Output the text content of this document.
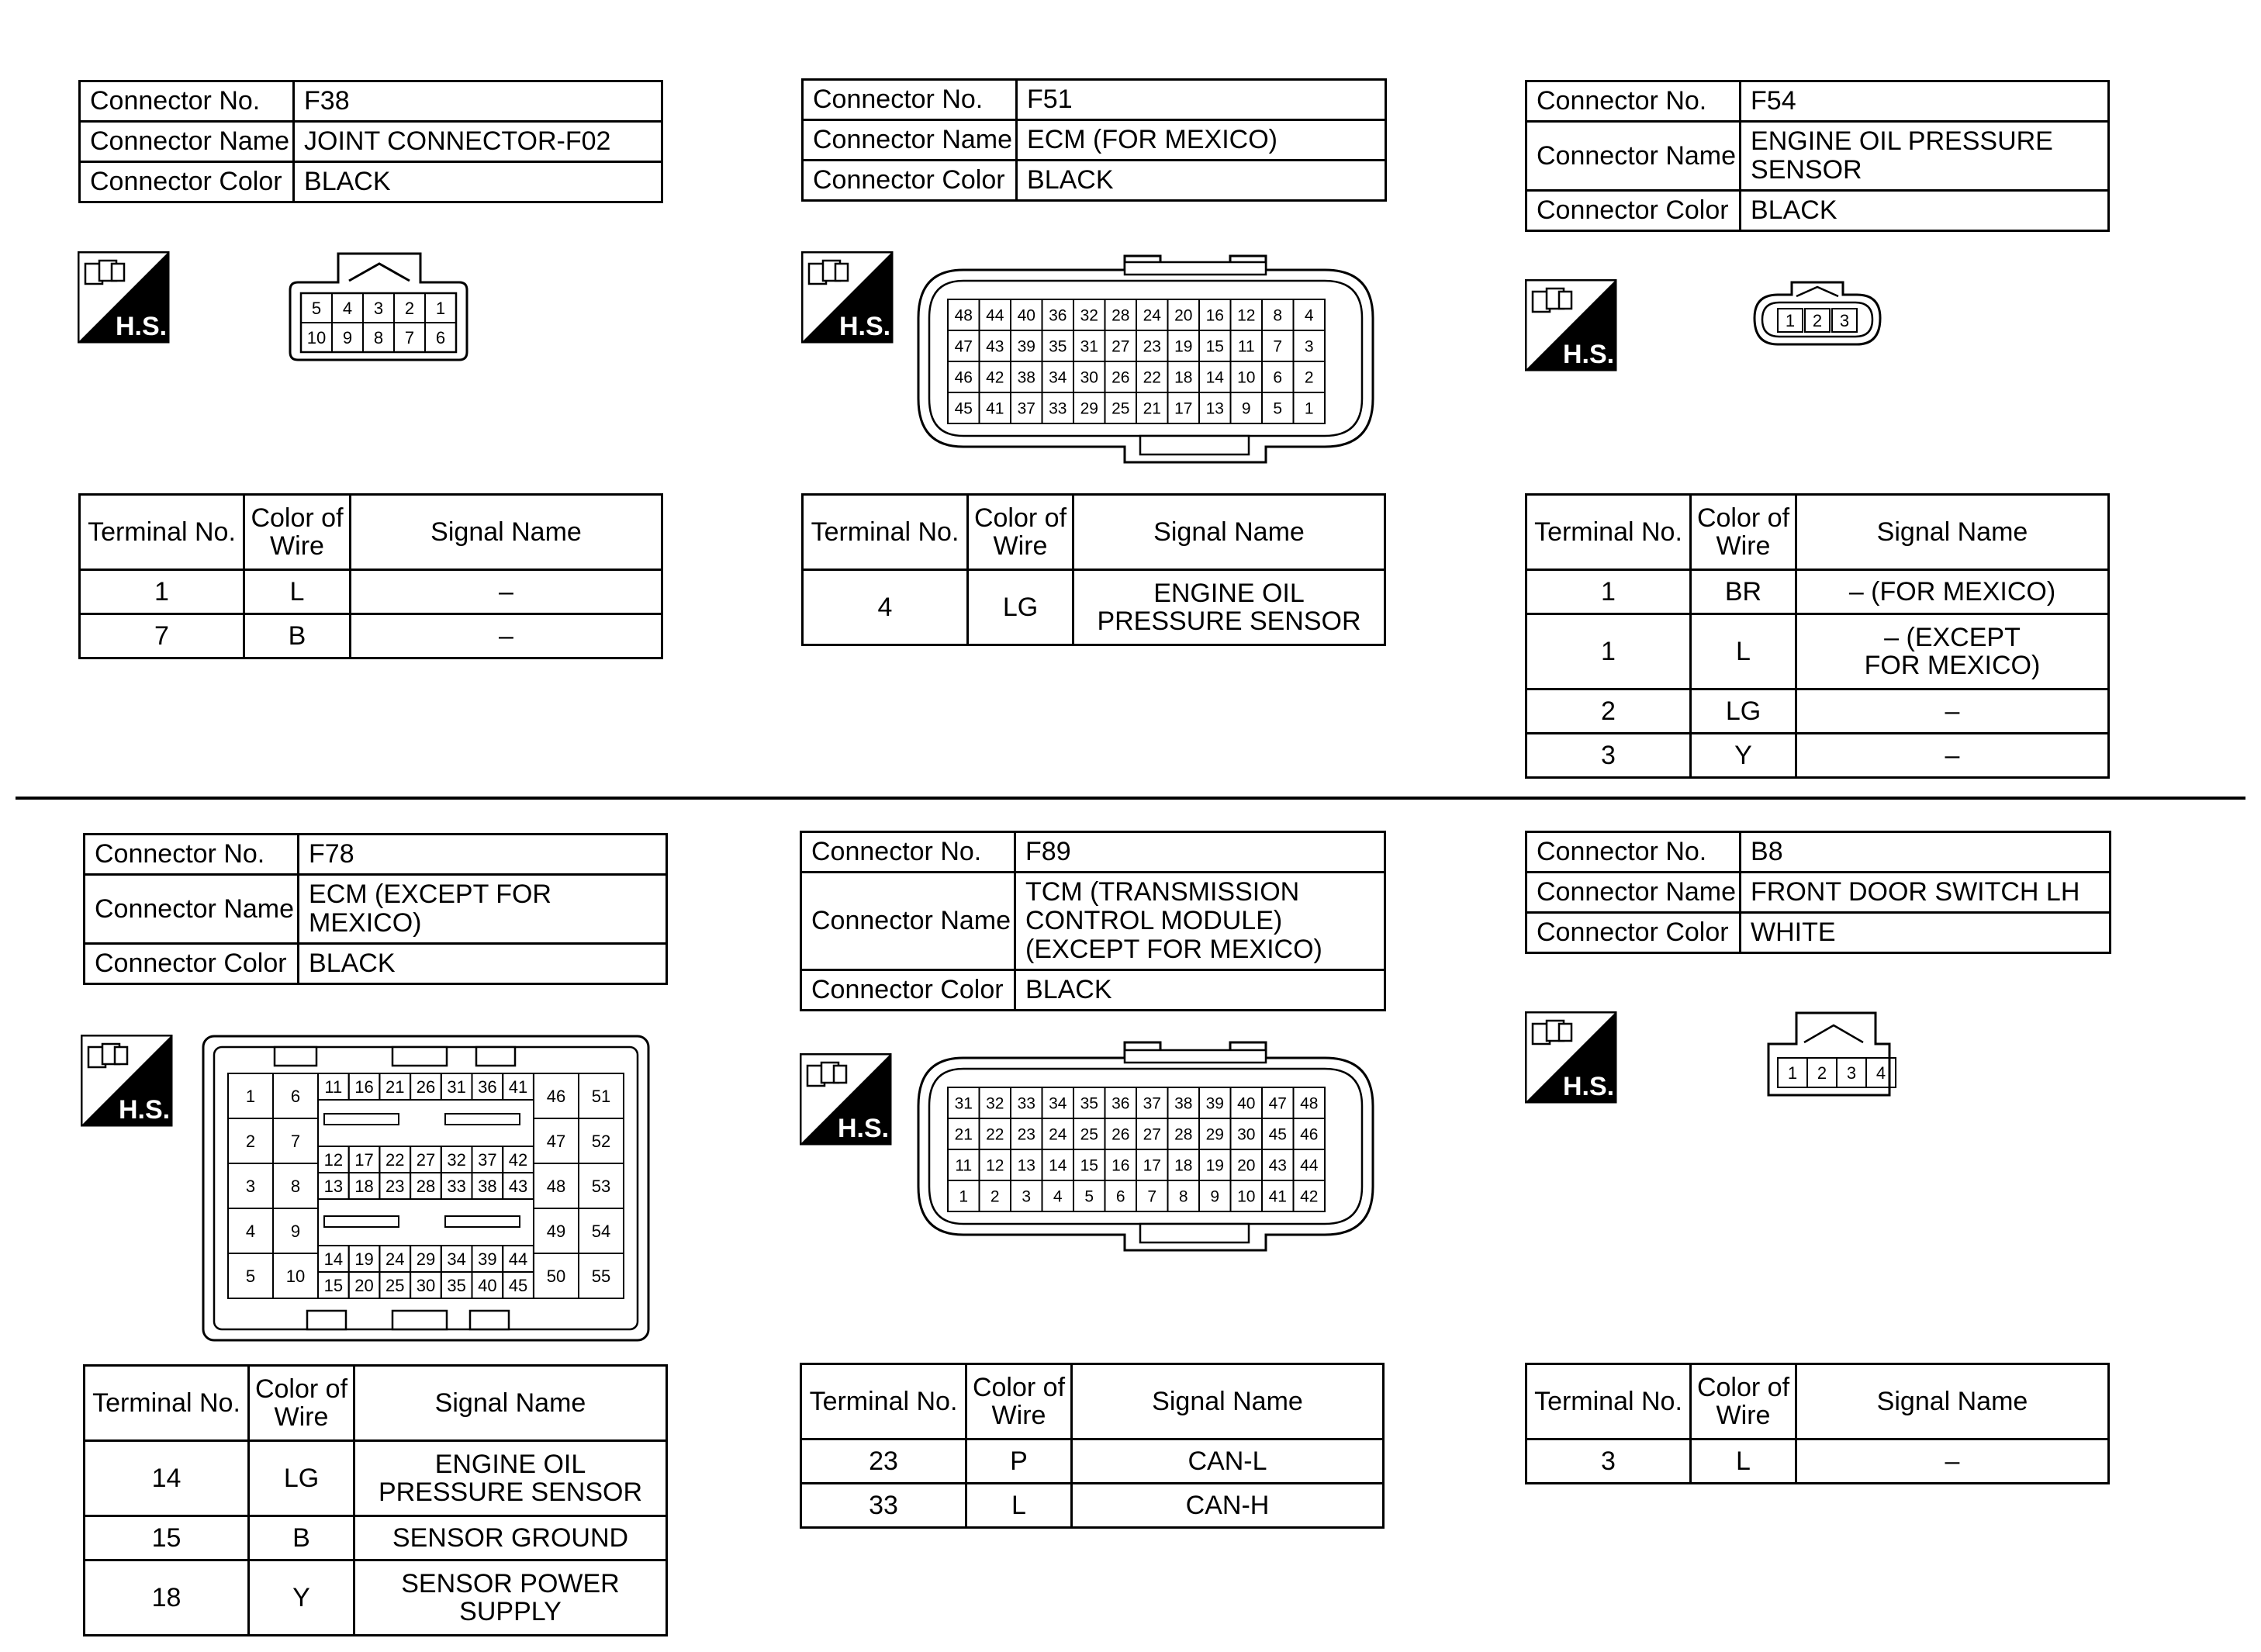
Connector No.	F38
Connector Name	JOINT CONNECTOR-F02
Connector Color	BLACK
H.S.
5 4 3 2 1
10 9 8 7 6
Terminal No.	Color of
Wire	Signal Name
1	L	–
7	B	–
Connector No.	F51
Connector Name	ECM (FOR MEXICO)
Connector Color	BLACK
H.S.	48 44 40 36 32 28 24 20 16 12 8 4
47 43 39 35 31 27 23 19 15 11 7 3
46 42 38 34 30 26 22 18 14 10 6 2
45 41 37 33 29 25 21 17 13 9 5 1
Terminal No.	Color of
Wire	Signal Name
4	LG	ENGINE OIL
PRESSURE SENSOR
Connector No.	F54
Connector Name	ENGINE OIL PRESSURE
SENSOR
Connector Color	BLACK
H.S.
1 2 3
Terminal No.	Color of
Wire	Signal Name
1	BR	– (FOR MEXICO)
1	L	– (EXCEPT
FOR MEXICO)
2	LG	–
3	Y	–
Connector No.	F78
Connector Name	ECM (EXCEPT FOR
MEXICO)
Connector Color	BLACK
H.S.	1
2
3
4
5
6
7
8
9
10
46
47
48
49
50
51
52
53
54
55
11 16 21 26 31 36 41
12 17 22 27 32 37 42
13 18 23 28 33 38 43
14 19 24 29 34 39 44
15 20 25 30 35 40 45
Terminal No.	Color of
Wire	Signal Name
14	LG	ENGINE OIL
PRESSURE SENSOR
15	B	SENSOR GROUND
18	Y	SENSOR POWER
SUPPLY
Connector No.	F89
Connector Name	TCM (TRANSMISSION
CONTROL MODULE)
(EXCEPT FOR MEXICO)
Connector Color	BLACK
H.S.
31 32 33 34 35 36 37 38 39 40 47 48
21 22 23 24 25 26 27 28 29 30 45 46
11 12 13 14 15 16 17 18 19 20 43 44
1 2 3 4 5 6 7 8 9 10 41 42
Terminal No.	Color of
Wire	Signal Name
23	P	CAN-L
33	L	CAN-H
Connector No.	B8
Connector Name	FRONT DOOR SWITCH LH
Connector Color	WHITE
H.S.	1 2 3 4
Terminal No.	Color of
Wire	Signal Name
3	L	–
